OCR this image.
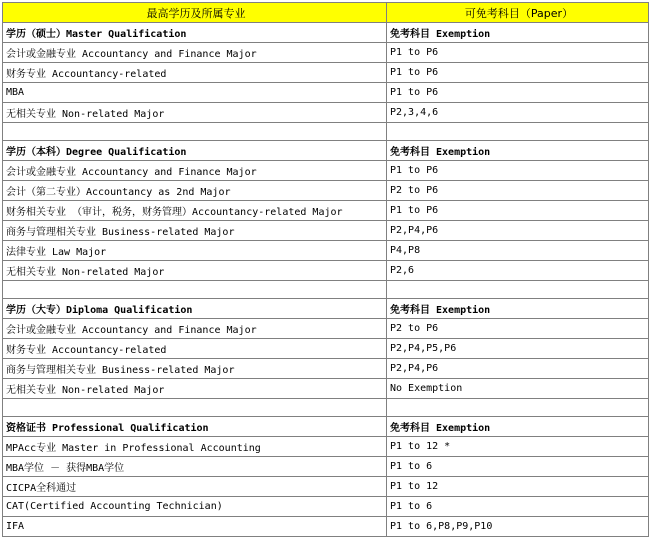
最高学历及所属专业	可免考科目（Paper）
学历（硕士）Master Qualification	免考科目 Exemption
会计或金融专业 Accountancy and Finance Major	P1 to P6
财务专业 Accountancy-related	P1 to P6
MBA	P1 to P6
无相关专业 Non-related Major	P2,3,4,6

学历（本科）Degree Qualification	免考科目 Exemption
会计或金融专业 Accountancy and Finance Major	P1 to P6
会计（第二专业）Accountancy as 2nd Major	P2 to P6
财务相关专业 （审计，税务，财务管理）Accountancy-related Major	P1 to P6
商务与管理相关专业 Business-related Major	P2,P4,P6
法律专业 Law Major	P4,P8
无相关专业 Non-related Major	P2,6

学历（大专）Diploma Qualification	免考科目 Exemption
会计或金融专业 Accountancy and Finance Major	P2 to P6
财务专业 Accountancy-related	P2,P4,P5,P6
商务与管理相关专业 Business-related Major	P2,P4,P6
无相关专业 Non-related Major	No Exemption

资格证书 Professional Qualification	免考科目 Exemption
MPAcc专业 Master in Professional Accounting	P1 to 12 *
MBA学位 － 获得MBA学位	P1 to 6
CICPA全科通过	P1 to 12
CAT(Certified Accounting Technician)	P1 to 6
IFA	P1 to 6,P8,P9,P10
